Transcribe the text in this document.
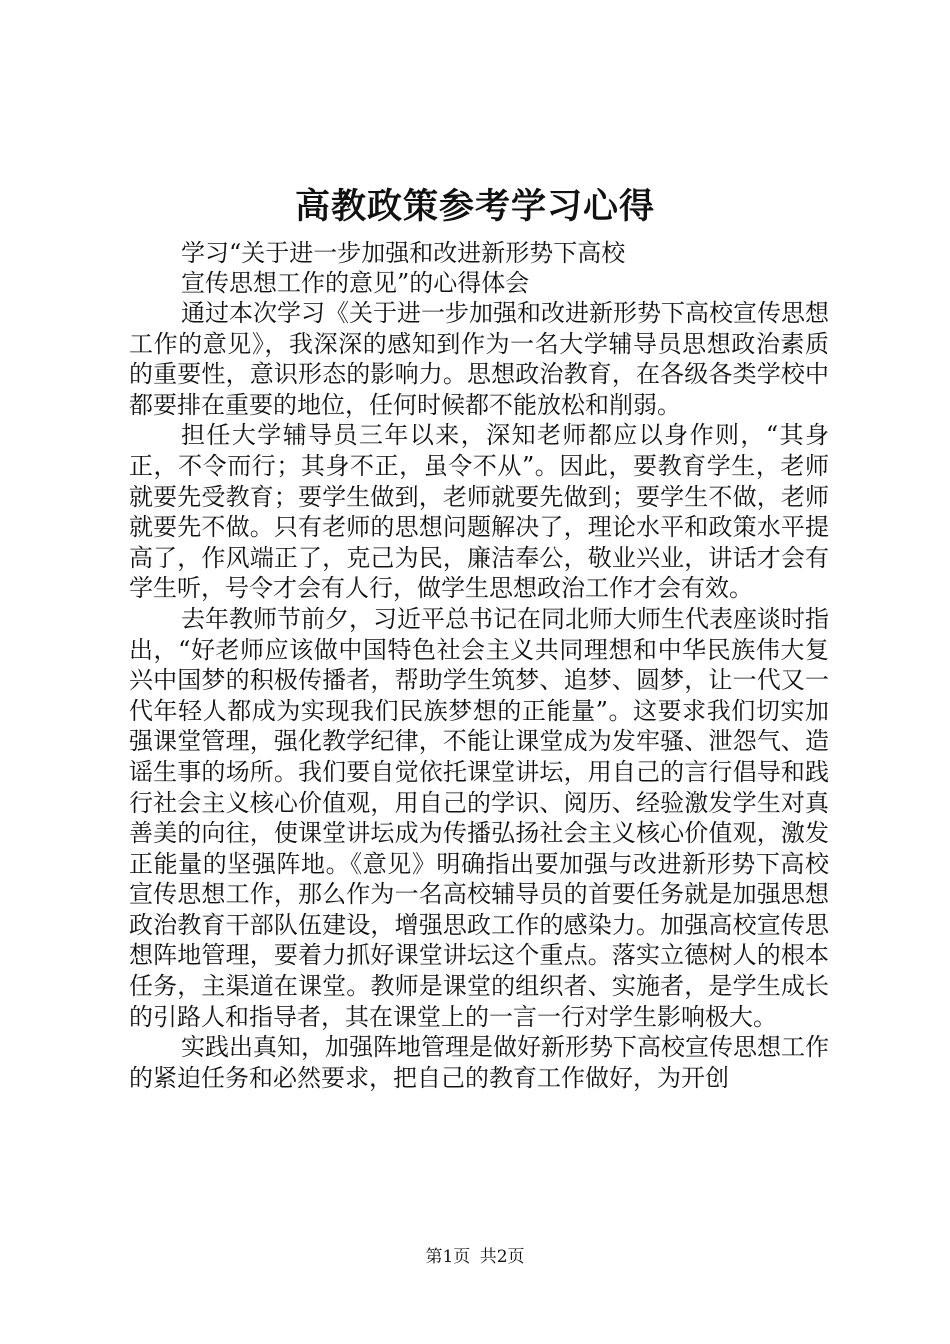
高教政策参考学习心得

学习“关于进一步加强和改进新形势下高校

宣传思想工作的意见”的心得体会

通过本次学习《关于进一步加强和改进新形势下高校宣传思想工作的意见》，我深深的感知到作为一名大学辅导员思想政治素质的重要性，意识形态的影响力。思想政治教育，在各级各类学校中都要排在重要的地位，任何时候都不能放松和削弱。

担任大学辅导员三年以来，深知老师都应以身作则，“其身正，不令而行；其身不正，虽令不从”。因此，要教育学生，老师就要先受教育；要学生做到，老师就要先做到；要学生不做，老师就要先不做。只有老师的思想问题解决了，理论水平和政策水平提高了，作风端正了，克己为民，廉洁奉公，敬业兴业，讲话才会有学生听，号令才会有人行，做学生思想政治工作才会有效。

去年教师节前夕，习近平总书记在同北师大师生代表座谈时指出，“好老师应该做中国特色社会主义共同理想和中华民族伟大复兴中国梦的积极传播者，帮助学生筑梦、追梦、圆梦，让一代又一代年轻人都成为实现我们民族梦想的正能量”。这要求我们切实加强课堂管理，强化教学纪律，不能让课堂成为发牢骚、泄怨气、造谣生事的场所。我们要自觉依托课堂讲坛，用自己的言行倡导和践行社会主义核心价值观，用自己的学识、阅历、经验激发学生对真善美的向往，使课堂讲坛成为传播弘扬社会主义核心价值观，激发正能量的坚强阵地。《意见》明确指出要加强与改进新形势下高校宣传思想工作，那么作为一名高校辅导员的首要任务就是加强思想政治教育干部队伍建设，增强思政工作的感染力。加强高校宣传思想阵地管理，要着力抓好课堂讲坛这个重点。落实立德树人的根本任务，主渠道在课堂。教师是课堂的组织者、实施者，是学生成长的引路人和指导者，其在课堂上的一言一行对学生影响极大。

实践出真知，加强阵地管理是做好新形势下高校宣传思想工作的紧迫任务和必然要求，把自己的教育工作做好，为开创

第1页 共2页
